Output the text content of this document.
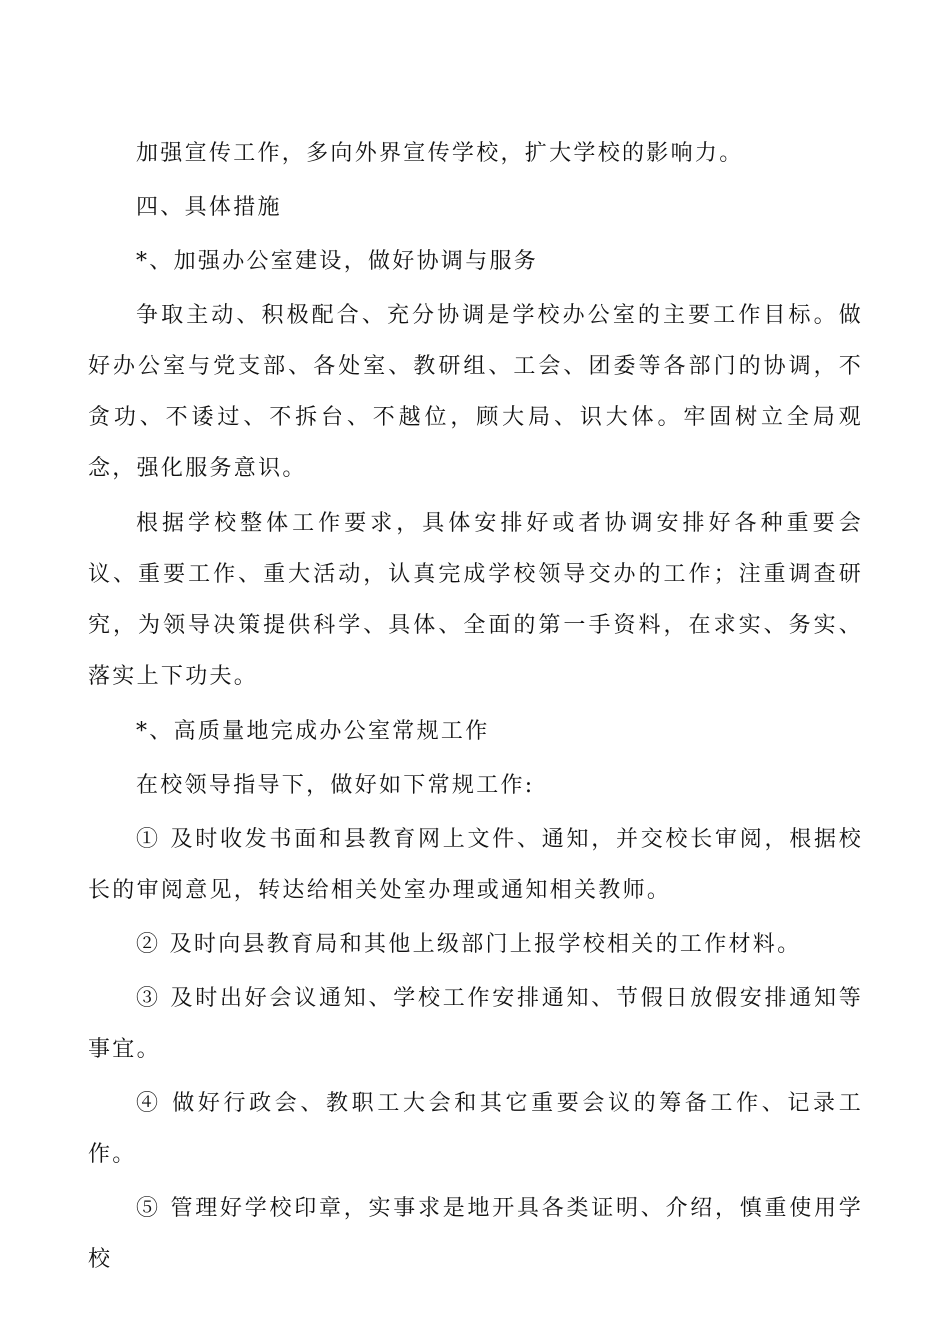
加强宣传工作，多向外界宣传学校，扩大学校的影响力。

四、具体措施

*、加强办公室建设，做好协调与服务

争取主动、积极配合、充分协调是学校办公室的主要工作目标。做好办公室与党支部、各处室、教研组、工会、团委等各部门的协调，不贪功、不诿过、不拆台、不越位，顾大局、识大体。牢固树立全局观念，强化服务意识。

根据学校整体工作要求，具体安排好或者协调安排好各种重要会议、重要工作、重大活动，认真完成学校领导交办的工作；注重调查研究，为领导决策提供科学、具体、全面的第一手资料，在求实、务实、落实上下功夫。

*、高质量地完成办公室常规工作

在校领导指导下，做好如下常规工作:

① 及时收发书面和县教育网上文件、通知，并交校长审阅，根据校长的审阅意见，转达给相关处室办理或通知相关教师。

② 及时向县教育局和其他上级部门上报学校相关的工作材料。

③ 及时出好会议通知、学校工作安排通知、节假日放假安排通知等事宜。

④ 做好行政会、教职工大会和其它重要会议的筹备工作、记录工作。

⑤ 管理好学校印章，实事求是地开具各类证明、介绍，慎重使用学校
